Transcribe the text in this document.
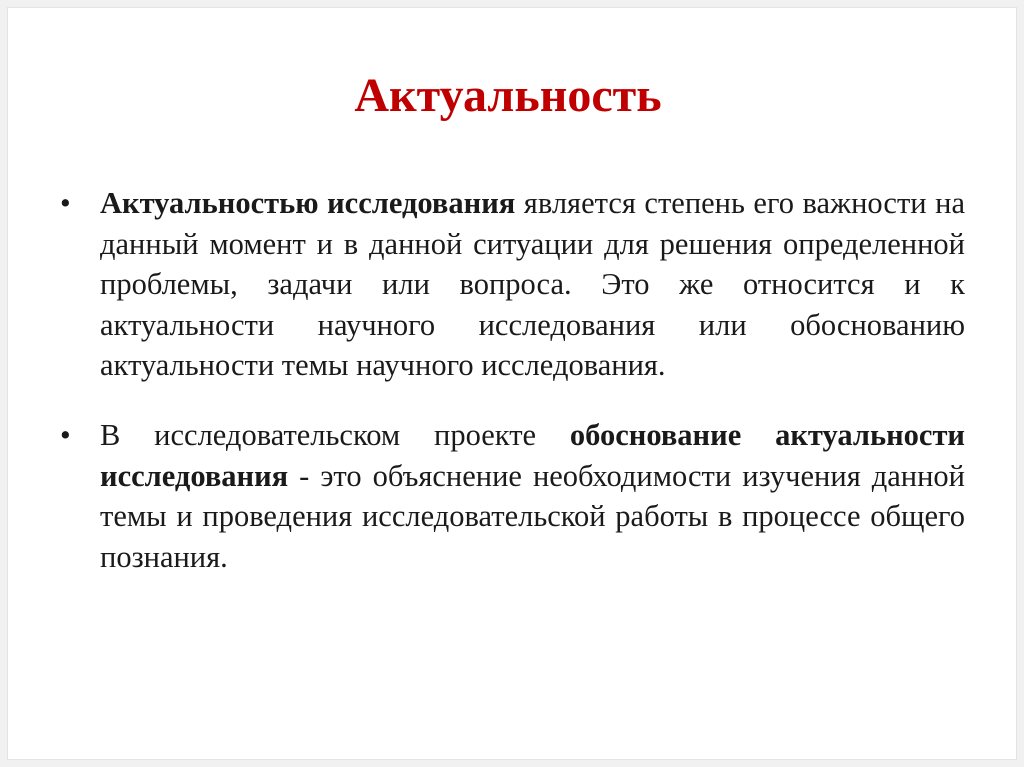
Актуальность
• Актуальностью исследования является степень его важности на данный момент и в данной ситуации для решения определенной проблемы, задачи или вопроса. Это же относится и к актуальности научного исследования или обоснованию актуальности темы научного исследования.
• В исследовательском проекте обоснование актуальности исследования - это объяснение необходимости изучения данной темы и проведения исследовательской работы в процессе общего познания.
